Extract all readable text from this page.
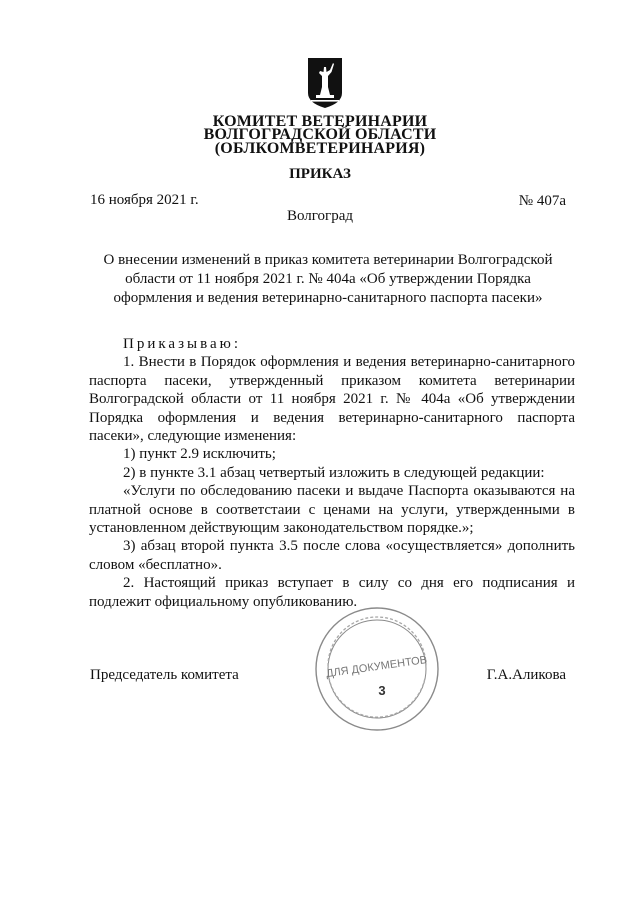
КОМИТЕТ ВЕТЕРИНАРИИ
ВОЛГОГРАДСКОЙ ОБЛАСТИ
(ОБЛКОМВЕТЕРИНАРИЯ)
ПРИКАЗ
16 ноября 2021 г.	№ 407а
Волгоград
О внесении изменений в приказ комитета ветеринарии Волгоградской области от 11 ноября 2021 г. № 404а «Об утверждении Порядка оформления и ведения ветеринарно-санитарного паспорта пасеки»

Приказываю:

1. Внести в Порядок оформления и ведения ветеринарно-санитарного паспорта пасеки, утвержденный приказом комитета ветеринарии Волгоградской области от 11 ноября 2021 г. № 404а «Об утверждении Порядка оформления и ведения ветеринарно-санитарного паспорта пасеки», следующие изменения:

1) пункт 2.9 исключить;

2) в пункте 3.1 абзац четвертый изложить в следующей редакции:

«Услуги по обследованию пасеки и выдаче Паспорта оказываются на платной основе в соответстаии с ценами на услуги, утвержденными в установленном действующим законодательством порядке.»;

3) абзац второй пункта 3.5 после слова «осуществляется» дополнить словом «бесплатно».

2. Настоящий приказ вступает в силу со дня его подписания и подлежит официальному опубликованию.

ДЛЯ ДОКУМЕНТОВ
3
Председатель комитета	Г.А.Аликова
